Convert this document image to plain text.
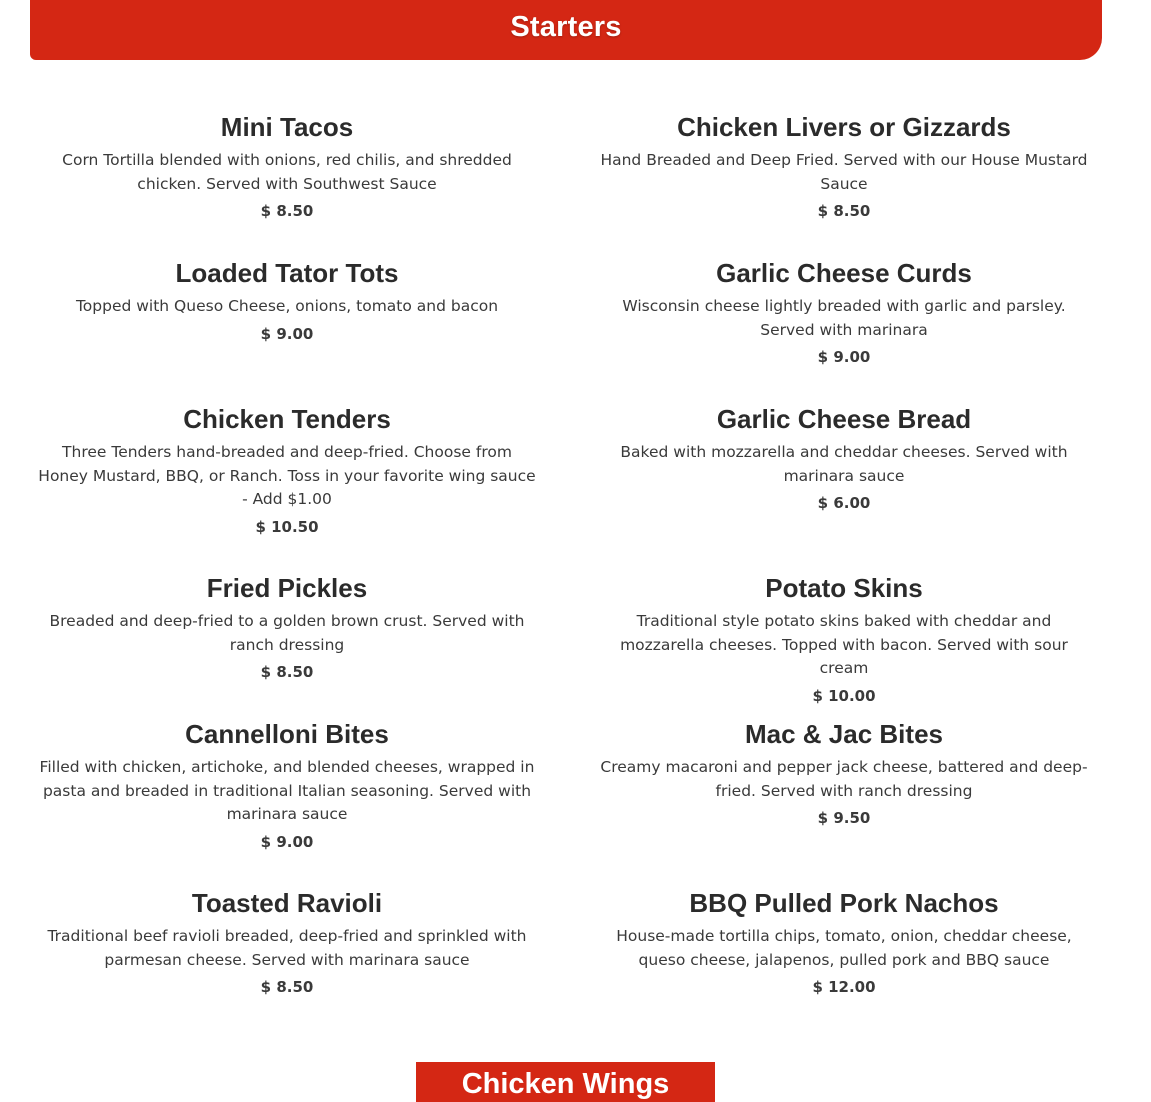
Starters
Mini Tacos
Corn Tortilla blended with onions, red chilis, and shredded chicken. Served with Southwest Sauce
$ 8.50
Chicken Livers or Gizzards
Hand Breaded and Deep Fried. Served with our House Mustard Sauce
$ 8.50
Loaded Tator Tots
Topped with Queso Cheese, onions, tomato and bacon
$ 9.00
Garlic Cheese Curds
Wisconsin cheese lightly breaded with garlic and parsley. Served with marinara
$ 9.00
Chicken Tenders
Three Tenders hand-breaded and deep-fried. Choose from Honey Mustard, BBQ, or Ranch. Toss in your favorite wing sauce - Add $1.00
$ 10.50
Garlic Cheese Bread
Baked with mozzarella and cheddar cheeses. Served with marinara sauce
$ 6.00
Fried Pickles
Breaded and deep-fried to a golden brown crust. Served with ranch dressing
$ 8.50
Potato Skins
Traditional style potato skins baked with cheddar and mozzarella cheeses. Topped with bacon. Served with sour cream
$ 10.00
Cannelloni Bites
Filled with chicken, artichoke, and blended cheeses, wrapped in pasta and breaded in traditional Italian seasoning. Served with marinara sauce
$ 9.00
Mac & Jac Bites
Creamy macaroni and pepper jack cheese, battered and deep-fried. Served with ranch dressing
$ 9.50
Toasted Ravioli
Traditional beef ravioli breaded, deep-fried and sprinkled with parmesan cheese. Served with marinara sauce
$ 8.50
BBQ Pulled Pork Nachos
House-made tortilla chips, tomato, onion, cheddar cheese, queso cheese, jalapenos, pulled pork and BBQ sauce
$ 12.00
Chicken Wings
